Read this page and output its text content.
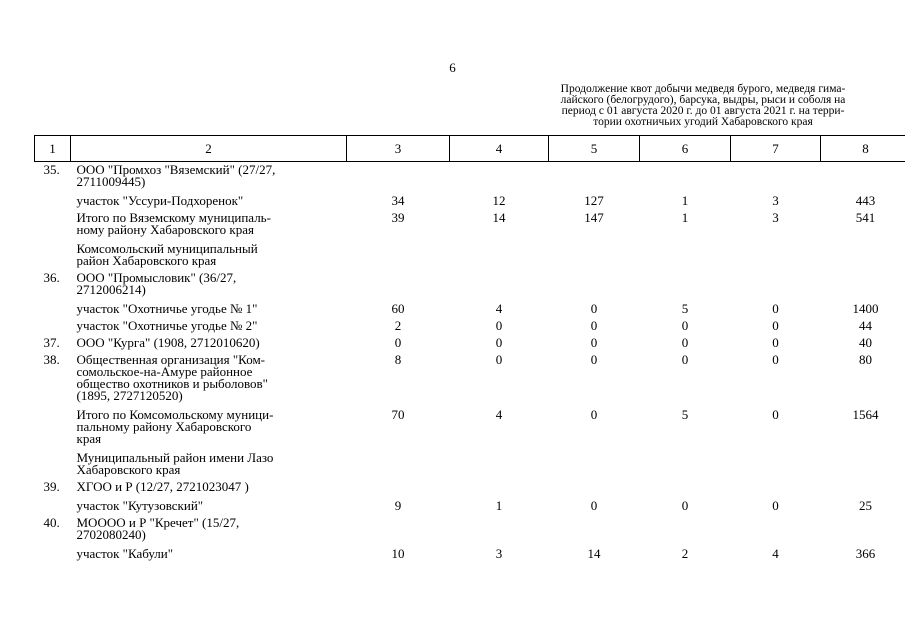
6
Продолжение квот добычи медведя бурого, медведя гима-
лайского (белогрудого), барсука, выдры, рыси и соболя на
период с 01 августа 2020 г. до 01 августа 2021 г. на терри-
тории охотничьих угодий Хабаровского края
1	2	3	4	5	6	7	8
35.	ООО "Промхоз "Вяземский" (27/27,
2711009445)						

	участок "Уссури-Подхоренок"	34	12	127	1	3	443

	Итого по Вяземскому муниципаль-
ному району Хабаровского края	39	14	147	1	3	541

	Комсомольский муниципальный
район Хабаровского края						

36.	ООО "Промысловик" (36/27,
2712006214)						

	участок "Охотничье угодье № 1"	60	4	0	5	0	1400

	участок "Охотничье угодье № 2"	2	0	0	0	0	44
37.	ООО "Курга" (1908, 2712010620)	0	0	0	0	0	40
38.	Общественная организация "Ком-
сомольское-на-Амуре районное
общество охотников и рыболовов"
(1895, 2727120520)	8	0	0	0	0	80

	Итого по Комсомольскому муници-
пальному району Хабаровского
края	70	4	0	5	0	1564

	Муниципальный район имени Лазо
Хабаровского края						

39.	ХГОО и Р (12/27, 2721023047 )						

	участок "Кутузовский"	9	1	0	0	0	25
40.	МОООО и Р "Кречет" (15/27,
2702080240)						

	участок "Кабули"	10	3	14	2	4	366
